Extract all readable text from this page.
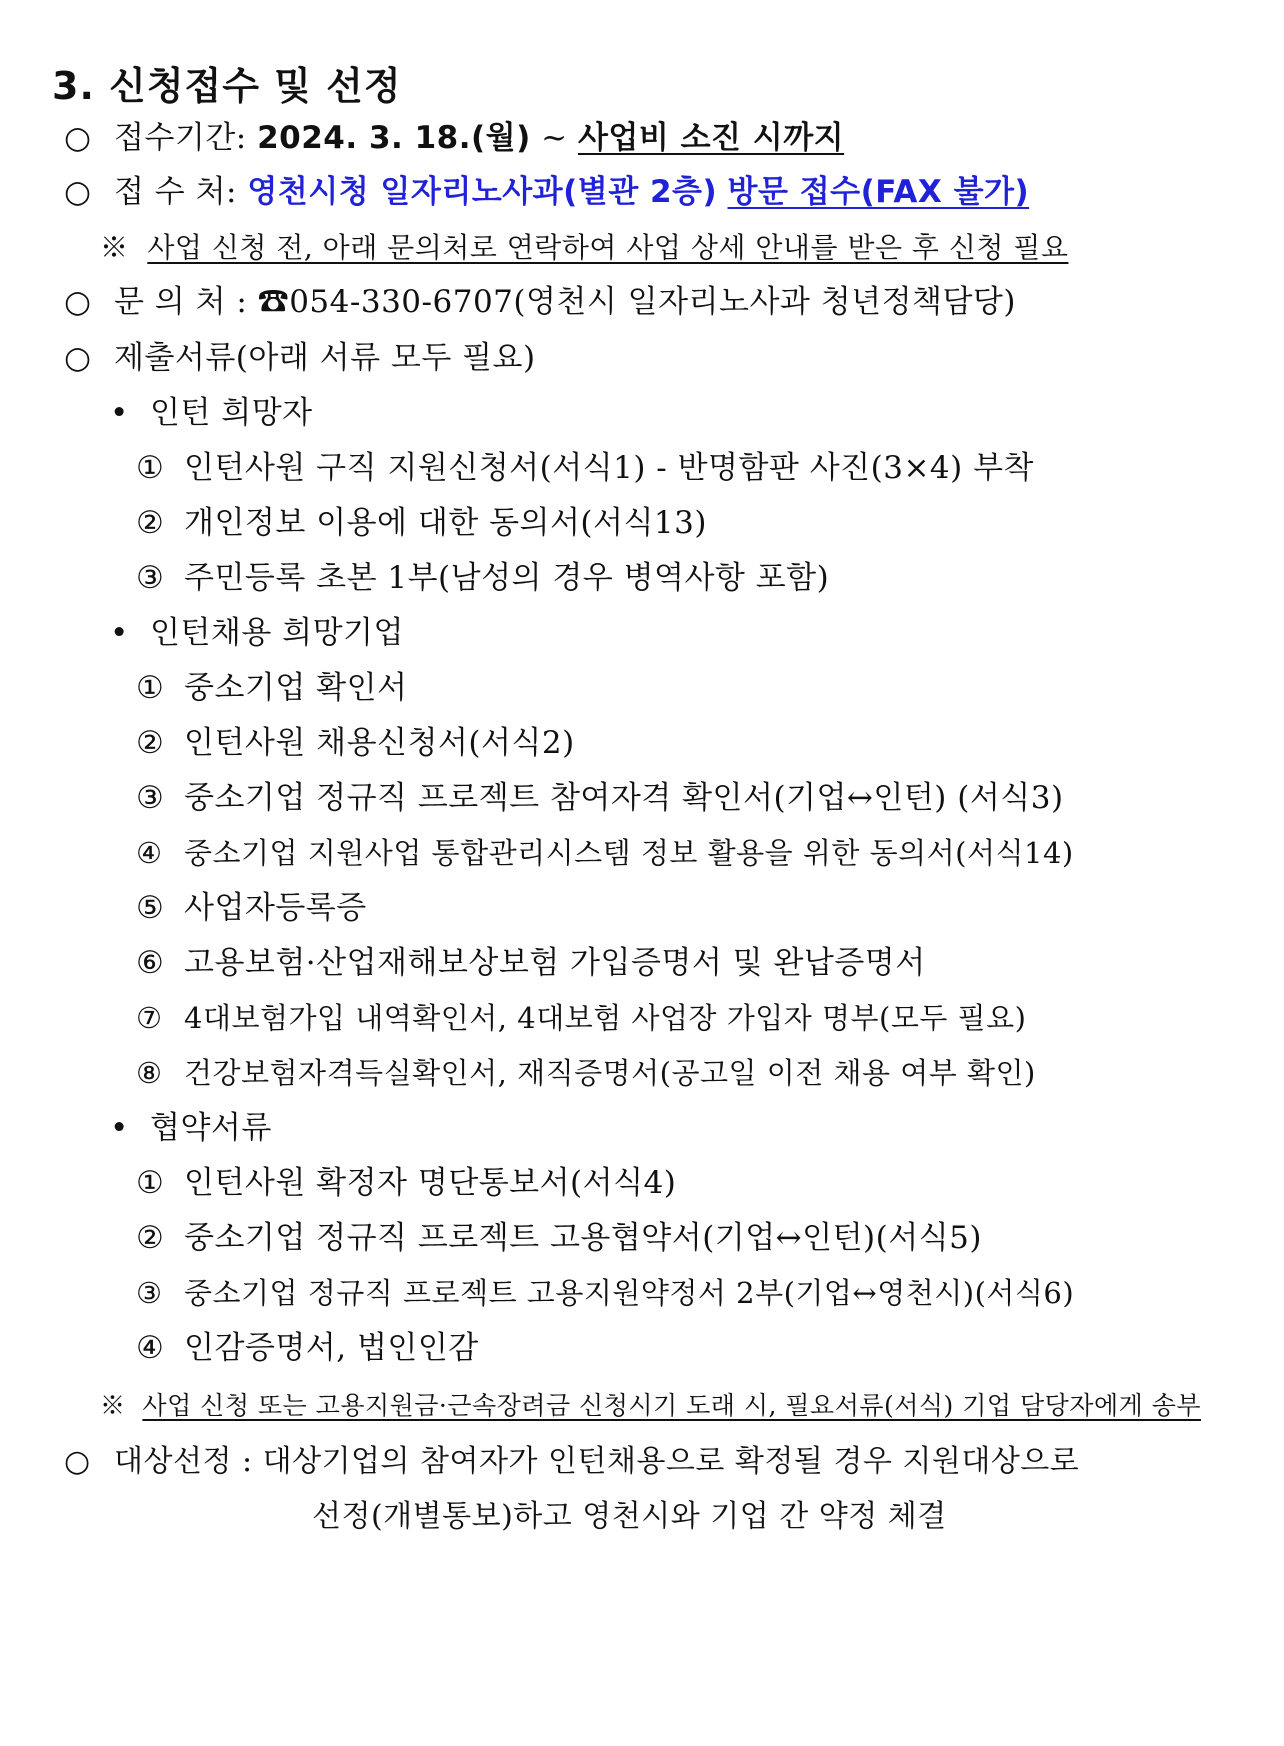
3. 신청접수 및 선정
○ 접수기간: 2024. 3. 18.(월) ~ 사업비 소진 시까지
○ 접 수 처: 영천시청 일자리노사과(별관 2층) 방문 접수(FAX 불가)
※ 사업 신청 전, 아래 문의처로 연락하여 사업 상세 안내를 받은 후 신청 필요
○ 문 의 처 : ☎054-330-6707(영천시 일자리노사과 청년정책담당)
○ 제출서류(아래 서류 모두 필요)
• 인턴 희망자
① 인턴사원 구직 지원신청서(서식1) - 반명함판 사진(3×4) 부착
② 개인정보 이용에 대한 동의서(서식13)
③ 주민등록 초본 1부(남성의 경우 병역사항 포함)
• 인턴채용 희망기업
① 중소기업 확인서
② 인턴사원 채용신청서(서식2)
③ 중소기업 정규직 프로젝트 참여자격 확인서(기업↔인턴) (서식3)
④ 중소기업 지원사업 통합관리시스템 정보 활용을 위한 동의서(서식14)
⑤ 사업자등록증
⑥ 고용보험·산업재해보상보험 가입증명서 및 완납증명서
⑦ 4대보험가입 내역확인서, 4대보험 사업장 가입자 명부(모두 필요)
⑧ 건강보험자격득실확인서, 재직증명서(공고일 이전 채용 여부 확인)
• 협약서류
① 인턴사원 확정자 명단통보서(서식4)
② 중소기업 정규직 프로젝트 고용협약서(기업↔인턴)(서식5)
③ 중소기업 정규직 프로젝트 고용지원약정서 2부(기업↔영천시)(서식6)
④ 인감증명서, 법인인감
※ 사업 신청 또는 고용지원금·근속장려금 신청시기 도래 시, 필요서류(서식) 기업 담당자에게 송부
○ 대상선정 : 대상기업의 참여자가 인턴채용으로 확정될 경우 지원대상으로
선정(개별통보)하고 영천시와 기업 간 약정 체결
